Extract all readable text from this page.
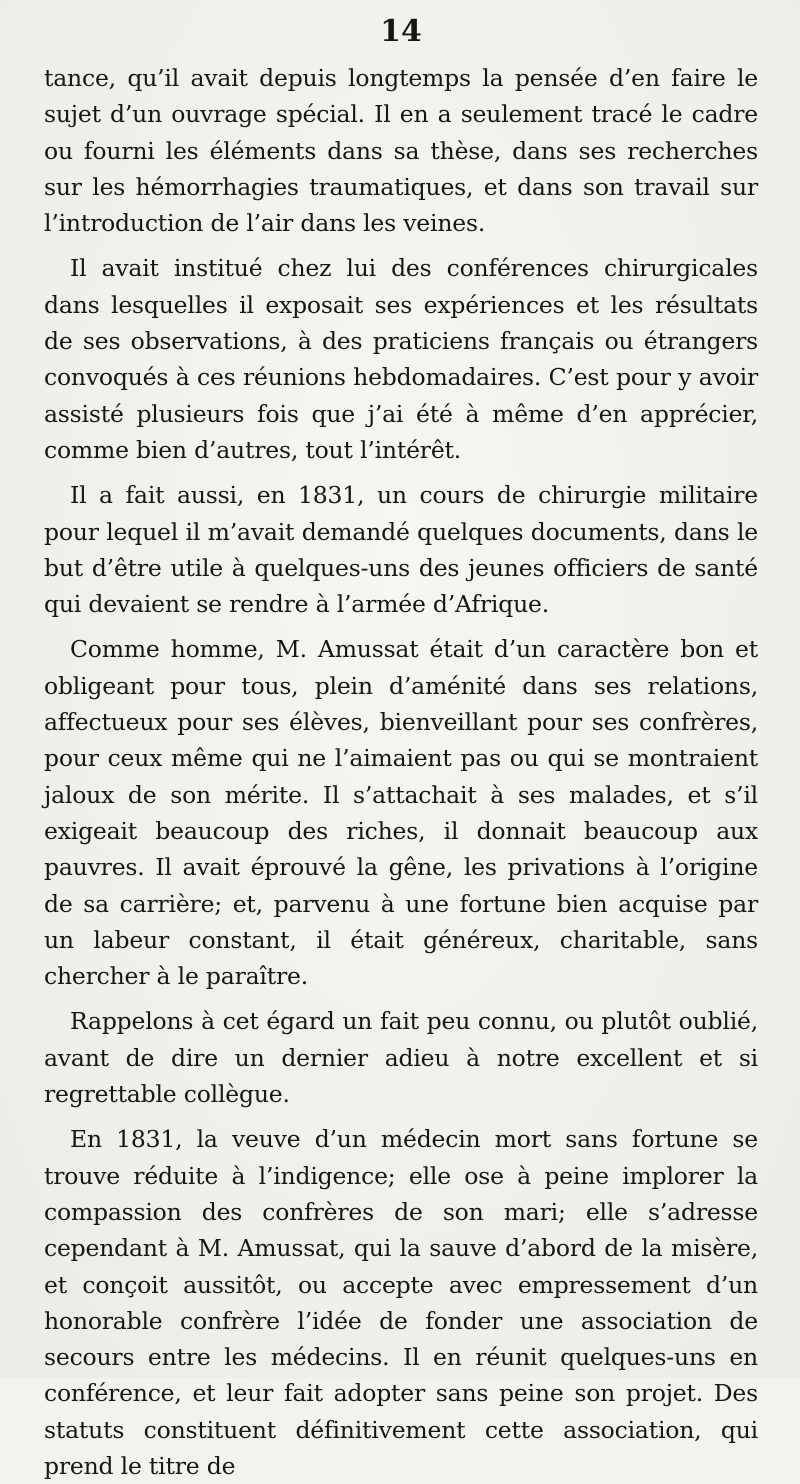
14

tance, qu’il avait depuis longtemps la pensée d’en faire le sujet d’un ouvrage spécial. Il en a seulement tracé le cadre ou fourni les éléments dans sa thèse, dans ses recherches sur les hémorrhagies traumatiques, et dans son travail sur l’introduction de l’air dans les veines.

Il avait institué chez lui des conférences chirurgicales dans lesquelles il exposait ses expériences et les résultats de ses observations, à des praticiens français ou étrangers convoqués à ces réunions hebdomadaires. C’est pour y avoir assisté plusieurs fois que j’ai été à même d’en apprécier, comme bien d’autres, tout l’intérêt.

Il a fait aussi, en 1831, un cours de chirurgie militaire pour lequel il m’avait demandé quelques documents, dans le but d’être utile à quelques-uns des jeunes officiers de santé qui devaient se rendre à l’armée d’Afrique.

Comme homme, M. Amussat était d’un caractère bon et obligeant pour tous, plein d’aménité dans ses relations, affectueux pour ses élèves, bienveillant pour ses confrères, pour ceux même qui ne l’aimaient pas ou qui se montraient jaloux de son mérite. Il s’attachait à ses malades, et s’il exigeait beaucoup des riches, il donnait beaucoup aux pauvres. Il avait éprouvé la gêne, les privations à l’origine de sa carrière; et, parvenu à une fortune bien acquise par un labeur constant, il était généreux, charitable, sans chercher à le paraître.

Rappelons à cet égard un fait peu connu, ou plutôt oublié, avant de dire un dernier adieu à notre excellent et si regrettable collègue.

En 1831, la veuve d’un médecin mort sans fortune se trouve réduite à l’indigence; elle ose à peine implorer la compassion des confrères de son mari; elle s’adresse cependant à M. Amussat, qui la sauve d’abord de la misère, et conçoit aussitôt, ou accepte avec empressement d’un honorable confrère l’idée de fonder une association de secours entre les médecins. Il en réunit quelques-uns en conférence, et leur fait adopter sans peine son projet. Des statuts constituent définitivement cette association, qui prend le titre de
